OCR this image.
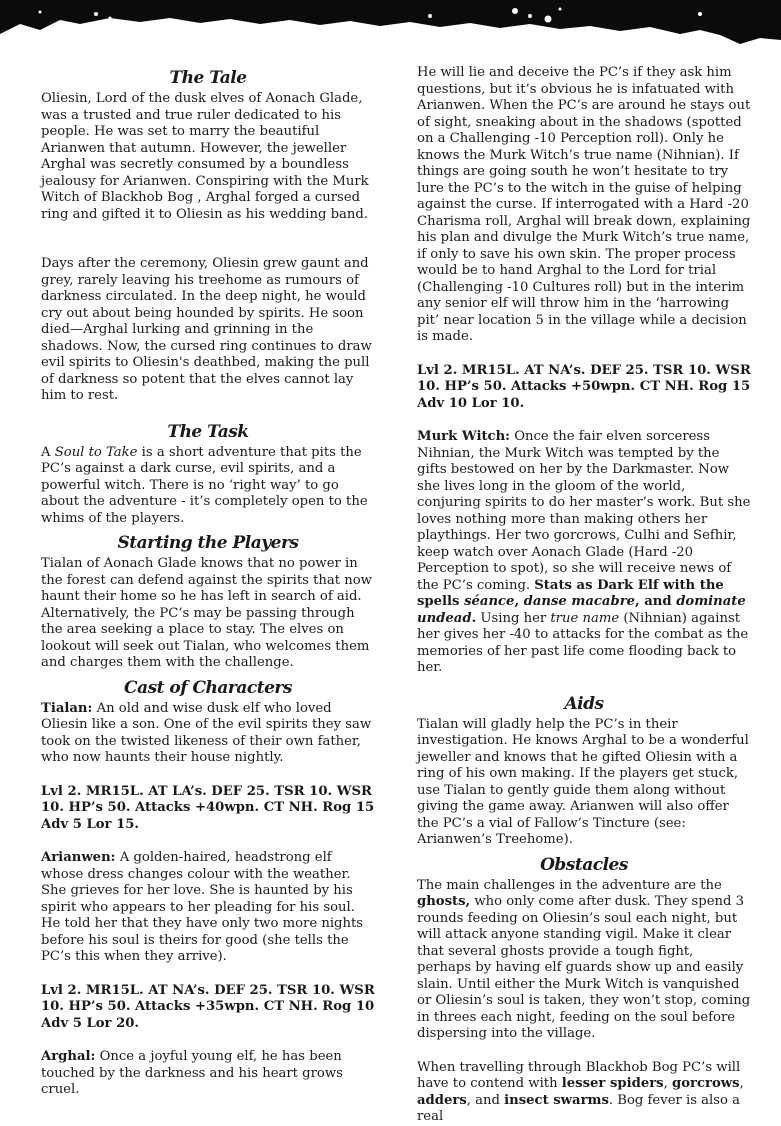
The Tale

Oliesin, Lord of the dusk elves of Aonach Glade, was a trusted and true ruler dedicated to his people. He was set to marry the beautiful Arianwen that autumn. However, the jeweller Arghal was secretly consumed by a boundless jealousy for Arianwen. Conspiring with the Murk Witch of Blackhob Bog , Arghal forged a cursed ring and gifted it to Oliesin as his wedding band.

Days after the ceremony, Oliesin grew gaunt and grey, rarely leaving his treehome as rumours of darkness circulated. In the deep night, he would cry out about being hounded by spirits. He soon died—Arghal lurking and grinning in the shadows. Now, the cursed ring continues to draw evil spirits to Oliesin's deathbed, making the pull of darkness so potent that the elves cannot lay him to rest.

The Task

A Soul to Take is a short adventure that pits the PC’s against a dark curse, evil spirits, and a powerful witch. There is no ‘right way’ to go about the adventure - it’s completely open to the whims of the players.

Starting the Players

Tialan of Aonach Glade knows that no power in the forest can defend against the spirits that now haunt their home so he has left in search of aid. Alternatively, the PC’s may be passing through the area seeking a place to stay. The elves on lookout will seek out Tialan, who welcomes them and charges them with the challenge.

Cast of Characters

Tialan: An old and wise dusk elf who loved Oliesin like a son. One of the evil spirits they saw took on the twisted likeness of their own father, who now haunts their house nightly.

Lvl 2. MR15L. AT LA’s. DEF 25. TSR 10. WSR 10. HP’s 50. Attacks +40wpn. CT NH. Rog 15 Adv 5 Lor 15.

Arianwen: A golden-haired, headstrong elf whose dress changes colour with the weather. She grieves for her love. She is haunted by his spirit who appears to her pleading for his soul. He told her that they have only two more nights before his soul is theirs for good (she tells the PC’s this when they arrive).

Lvl 2. MR15L. AT NA’s. DEF 25. TSR 10. WSR 10. HP’s 50. Attacks +35wpn. CT NH. Rog 10 Adv 5 Lor 20.

Arghal: Once a joyful young elf, he has been touched by the darkness and his heart grows cruel.

He will lie and deceive the PC’s if they ask him questions, but it’s obvious he is infatuated with Arianwen. When the PC’s are around he stays out of sight, sneaking about in the shadows (spotted on a Challenging -10 Perception roll). Only he knows the Murk Witch’s true name (Nihnian). If things are going south he won’t hesitate to try lure the PC’s to the witch in the guise of helping against the curse. If interrogated with a Hard -20 Charisma roll, Arghal will break down, explaining his plan and divulge the Murk Witch’s true name, if only to save his own skin. The proper process would be to hand Arghal to the Lord for trial (Challenging -10 Cultures roll) but in the interim any senior elf will throw him in the ‘harrowing pit’ near location 5 in the village while a decision is made.

Lvl 2. MR15L. AT NA’s. DEF 25. TSR 10. WSR 10. HP’s 50. Attacks +50wpn. CT NH. Rog 15 Adv 10 Lor 10.

Murk Witch: Once the fair elven sorceress Nihnian, the Murk Witch was tempted by the gifts bestowed on her by the Darkmaster. Now she lives long in the gloom of the world, conjuring spirits to do her master’s work. But she loves nothing more than making others her playthings. Her two gorcrows, Culhi and Sefhir, keep watch over Aonach Glade (Hard -20 Perception to spot), so she will receive news of the PC’s coming. Stats as Dark Elf with the spells séance, danse macabre, and dominate undead. Using her true name (Nihnian) against her gives her -40 to attacks for the combat as the memories of her past life come flooding back to her.

Aids

Tialan will gladly help the PC’s in their investigation. He knows Arghal to be a wonderful jeweller and knows that he gifted Oliesin with a ring of his own making. If the players get stuck, use Tialan to gently guide them along without giving the game away. Arianwen will also offer the PC’s a vial of Fallow’s Tincture (see: Arianwen’s Treehome).

Obstacles

The main challenges in the adventure are the ghosts, who only come after dusk. They spend 3 rounds feeding on Oliesin’s soul each night, but will attack anyone standing vigil. Make it clear that several ghosts provide a tough fight, perhaps by having elf guards show up and easily slain. Until either the Murk Witch is vanquished or Oliesin’s soul is taken, they won’t stop, coming in threes each night, feeding on the soul before dispersing into the village.

When travelling through Blackhob Bog PC’s will have to contend with lesser spiders, gorcrows, adders, and insect swarms. Bog fever is also a real
